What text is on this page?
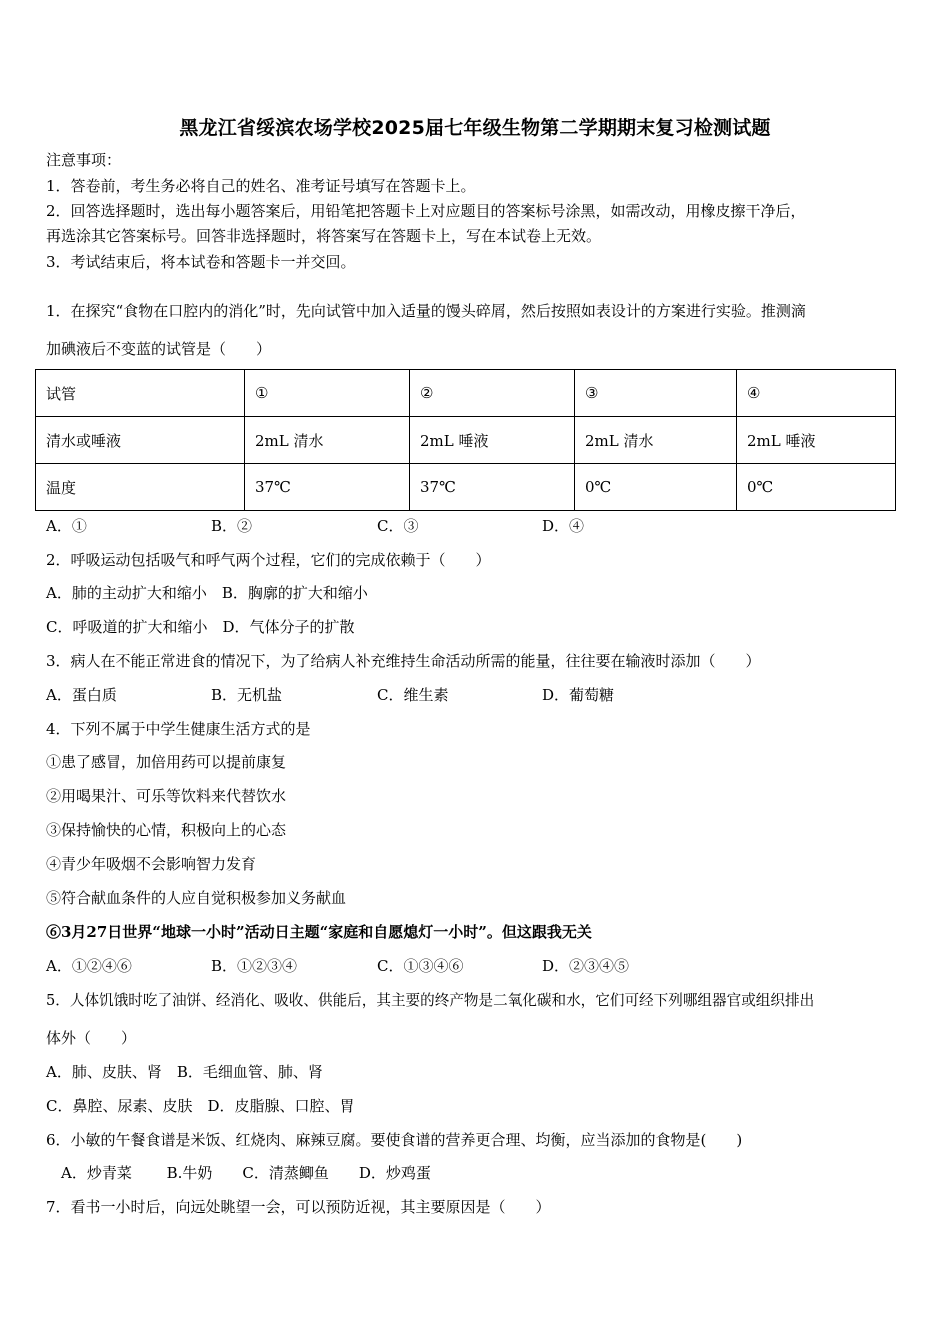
黑龙江省绥滨农场学校2025届七年级生物第二学期期末复习检测试题
注意事项：
1．答卷前，考生务必将自己的姓名、准考证号填写在答题卡上。
2．回答选择题时，选出每小题答案后，用铅笔把答题卡上对应题目的答案标号涂黑，如需改动，用橡皮擦干净后，
再选涂其它答案标号。回答非选择题时，将答案写在答题卡上，写在本试卷上无效。
3．考试结束后，将本试卷和答题卡一并交回。
1．在探究“食物在口腔内的消化”时，先向试管中加入适量的馒头碎屑，然后按照如表设计的方案进行实验。推测滴
加碘液后不变蓝的试管是（　　）
试管	①	②	③	④
清水或唾液	2mL 清水	2mL 唾液	2mL 清水	2mL 唾液
温度	37℃	37℃	0℃	0℃
A．①	B．②	C．③	D．④
2．呼吸运动包括吸气和呼气两个过程，它们的完成依赖于（　　）
A．肺的主动扩大和缩小　B．胸廓的扩大和缩小
C．呼吸道的扩大和缩小　D．气体分子的扩散
3．病人在不能正常进食的情况下，为了给病人补充维持生命活动所需的能量，往往要在输液时添加（　　）
A．蛋白质	B．无机盐	C．维生素	D．葡萄糖
4．下列不属于中学生健康生活方式的是
①患了感冒，加倍用药可以提前康复
②用喝果汁、可乐等饮料来代替饮水
③保持愉快的心情，积极向上的心态
④青少年吸烟不会影响智力发育
⑤符合献血条件的人应自觉积极参加义务献血
⑥3月27日世界“地球一小时”活动日主题“家庭和自愿熄灯一小时”。但这跟我无关
A．①②④⑥	B．①②③④	C．①③④⑥	D．②③④⑤
5．人体饥饿时吃了油饼、经消化、吸收、供能后，其主要的终产物是二氧化碳和水，它们可经下列哪组器官或组织排出
体外（　　）
A．肺、皮肤、肾　B．毛细血管、肺、肾
C．鼻腔、尿素、皮肤　D．皮脂腺、口腔、胃
6．小敏的午餐食谱是米饭、红烧肉、麻辣豆腐。要使食谱的营养更合理、均衡，应当添加的食物是(　　)
　A．炒青菜　　 B.牛奶　　C．清蒸鲫鱼　　D．炒鸡蛋
7．看书一小时后，向远处眺望一会，可以预防近视，其主要原因是（　　）
